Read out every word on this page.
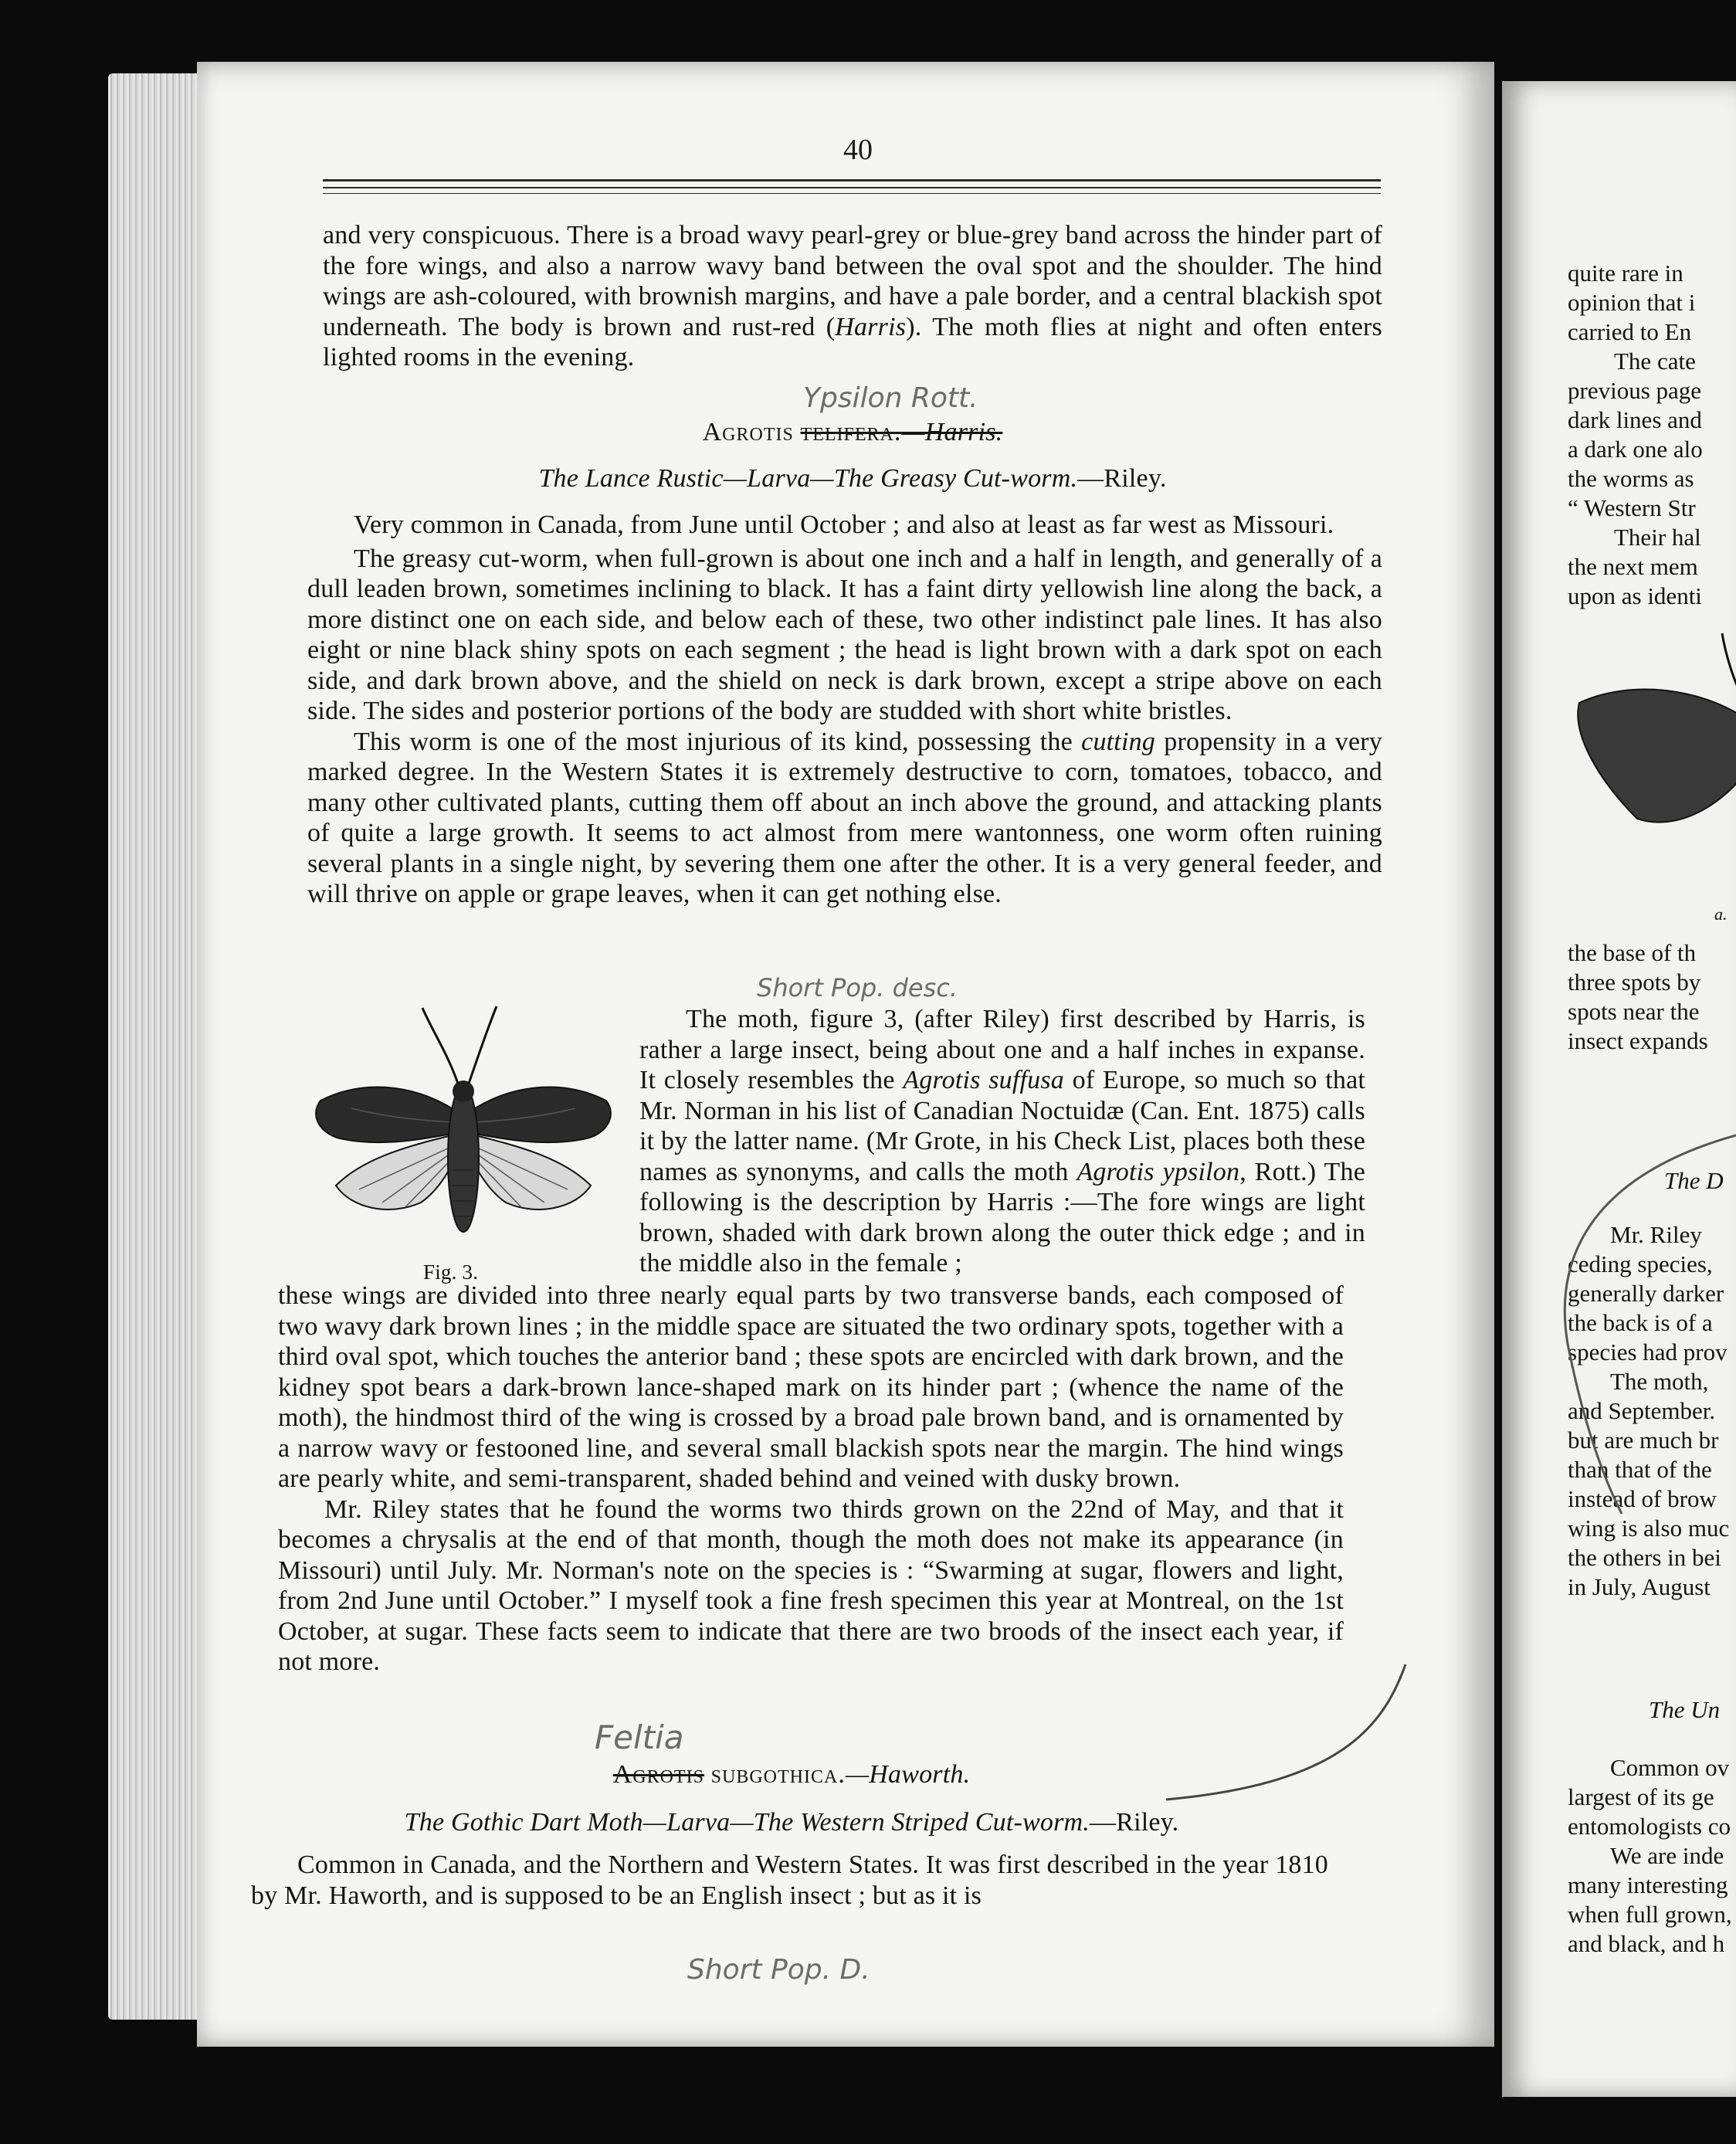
40

and very conspicuous. There is a broad wavy pearl-grey or blue-grey band across the hinder part of the fore wings, and also a narrow wavy band between the oval spot and the shoulder. The hind wings are ash-coloured, with brownish margins, and have a pale border, and a central blackish spot underneath. The body is brown and rust-red (Harris). The moth flies at night and often enters lighted rooms in the evening.

Ypsilon Rott.
Agrotis telifera.—Harris.
The Lance Rustic—Larva—The Greasy Cut-worm.—Riley.

Very common in Canada, from June until October ; and also at least as far west as Missouri.

The greasy cut-worm, when full-grown is about one inch and a half in length, and generally of a dull leaden brown, sometimes inclining to black. It has a faint dirty yellowish line along the back, a more distinct one on each side, and below each of these, two other indistinct pale lines. It has also eight or nine black shiny spots on each segment ; the head is light brown with a dark spot on each side, and dark brown above, and the shield on neck is dark brown, except a stripe above on each side. The sides and posterior portions of the body are studded with short white bristles.

This worm is one of the most injurious of its kind, possessing the cutting propensity in a very marked degree. In the Western States it is extremely destructive to corn, tomatoes, tobacco, and many other cultivated plants, cutting them off about an inch above the ground, and attacking plants of quite a large growth. It seems to act almost from mere wantonness, one worm often ruining several plants in a single night, by severing them one after the other. It is a very general feeder, and will thrive on apple or grape leaves, when it can get nothing else.

Short Pop. desc.
Fig. 3.

The moth, figure 3, (after Riley) first described by Harris, is rather a large insect, being about one and a half inches in expanse. It closely resembles the Agrotis suffusa of Europe, so much so that Mr. Norman in his list of Canadian Noctuidæ (Can. Ent. 1875) calls it by the latter name. (Mr Grote, in his Check List, places both these names as synonyms, and calls the moth Agrotis ypsilon, Rott.) The following is the description by Harris :—The fore wings are light brown, shaded with dark brown along the outer thick edge ; and in the middle also in the female ;

these wings are divided into three nearly equal parts by two transverse bands, each composed of two wavy dark brown lines ; in the middle space are situated the two ordinary spots, together with a third oval spot, which touches the anterior band ; these spots are encircled with dark brown, and the kidney spot bears a dark-brown lance-shaped mark on its hinder part ; (whence the name of the moth), the hindmost third of the wing is crossed by a broad pale brown band, and is ornamented by a narrow wavy or festooned line, and several small blackish spots near the margin. The hind wings are pearly white, and semi-transparent, shaded behind and veined with dusky brown.

Mr. Riley states that he found the worms two thirds grown on the 22nd of May, and that it becomes a chrysalis at the end of that month, though the moth does not make its appearance (in Missouri) until July. Mr. Norman's note on the species is : “Swarming at sugar, flowers and light, from 2nd June until October.” I myself took a fine fresh specimen this year at Montreal, on the 1st October, at sugar. These facts seem to indicate that there are two broods of the insect each year, if not more.

Feltia
Agrotis subgothica.—Haworth.
The Gothic Dart Moth—Larva—The Western Striped Cut-worm.—Riley.

Common in Canada, and the Northern and Western States. It was first described in the year 1810 by Mr. Haworth, and is supposed to be an English insect ; but as it is

Short Pop. D.
quite rare in
opinion that i
carried to En
The cate
previous page
dark lines and
a dark one alo
the worms as
“ Western Str
Their hal
the next mem
upon as identi
a.
the base of th
three spots by
spots near the
insect expands
The D
Mr. Riley
ceding species,
generally darker
the back is of a
species had prov
The moth,
and September.
but are much br
than that of the
instead of brow
wing is also muc
the others in bei
in July, August
The Un
Common ov
largest of its ge
entomologists co
We are inde
many interesting
when full grown,
and black, and h
